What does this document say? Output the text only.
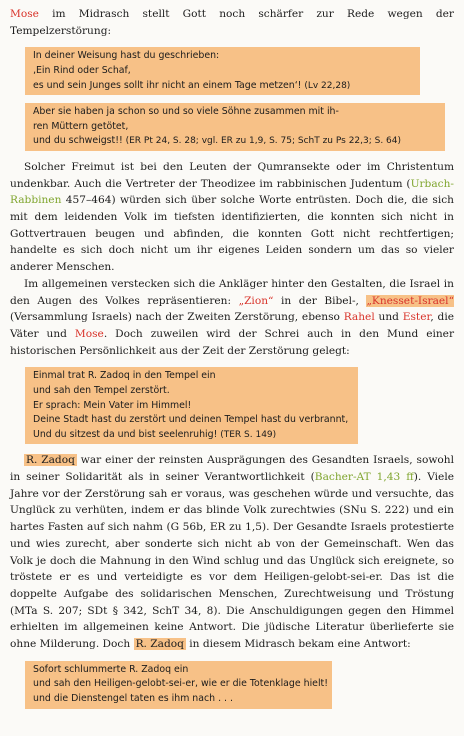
Mose im Midrasch stellt Gott noch schärfer zur Rede wegen der Tempelzerstörung:

In deiner Weisung hast du geschrieben:
‚Ein Rind oder Schaf,
es und sein Junges sollt ihr nicht an einem Tage metzen‘! (Lv 22,28)
Aber sie haben ja schon so und so viele Söhne zusammen mit ih-
ren Müttern getötet,
und du schweigst!! (ER Pt 24, S. 28; vgl. ER zu 1,9, S. 75; SchT zu Ps 22,3; S. 64)

Solcher Freimut ist bei den Leuten der Qumransekte oder im Christentum undenkbar. Auch die Vertreter der Theodizee im rabbinischen Judentum (Urbach-Rabbinen 457–464) würden sich über solche Worte entrüsten. Doch die, die sich mit dem leidenden Volk im tiefsten identifizierten, die konnten sich nicht in Gottvertrauen beugen und abfinden, die konnten Gott nicht rechtfertigen; handelte es sich doch nicht um ihr eigenes Leiden sondern um das so vieler anderer Menschen.

Im allgemeinen verstecken sich die Ankläger hinter den Gestalten, die Israel in den Augen des Volkes repräsentieren: „Zion“ in der Bibel-, „Knesset-Israel“ (Versammlung Israels) nach der Zweiten Zerstörung, ebenso Rahel und Ester, die Väter und Mose. Doch zuweilen wird der Schrei auch in den Mund einer historischen Persönlichkeit aus der Zeit der Zerstörung gelegt:

Einmal trat R. Zadoq in den Tempel ein
und sah den Tempel zerstört.
Er sprach: Mein Vater im Himmel!
Deine Stadt hast du zerstört und deinen Tempel hast du verbrannt,
Und du sitzest da und bist seelenruhig! (TER S. 149)

R. Zadoq war einer der reinsten Ausprägungen des Gesandten Israels, sowohl in seiner Solidarität als in seiner Verantwortlichkeit (Bacher-AT 1,43 ff). Viele Jahre vor der Zerstörung sah er voraus, was geschehen würde und versuchte, das Unglück zu verhüten, indem er das blinde Volk zurechtwies (SNu S. 222) und ein hartes Fasten auf sich nahm (G 56b, ER zu 1,5). Der Gesandte Israels protestierte und wies zurecht, aber sonderte sich nicht ab von der Gemeinschaft. Wen das Volk je doch die Mahnung in den Wind schlug und das Unglück sich ereignete, so tröstete er es und verteidigte es vor dem Heiligen-gelobt-sei-er. Das ist die doppelte Aufgabe des solidarischen Menschen, Zurechtweisung und Tröstung (MTa S. 207; SDt § 342, SchT 34, 8). Die Anschuldigungen gegen den Himmel erhielten im allgemeinen keine Antwort. Die jüdische Literatur überlieferte sie ohne Milderung. Doch R. Zadoq in diesem Midrasch bekam eine Antwort:

Sofort schlummerte R. Zadoq ein
und sah den Heiligen-gelobt-sei-er, wie er die Totenklage hielt!
und die Dienstengel taten es ihm nach . . .
